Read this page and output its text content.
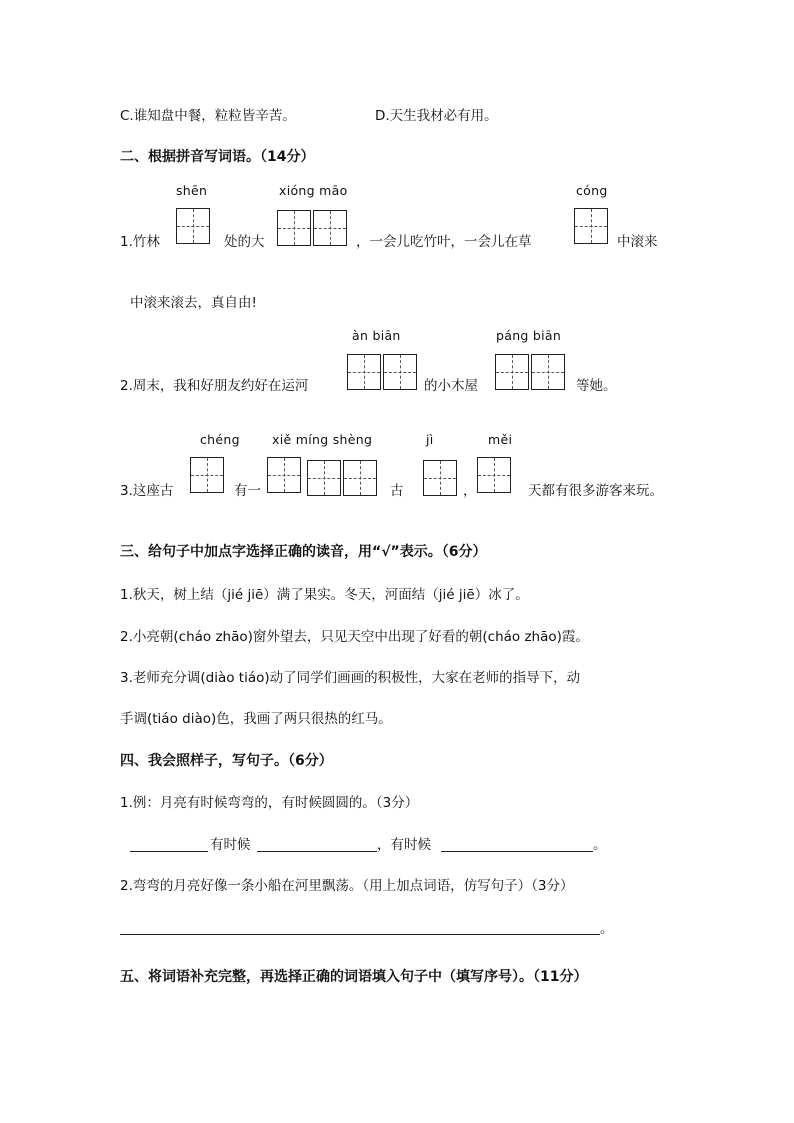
C.谁知盘中餐，粒粒皆辛苦。	D.天生我材必有用。
二、根据拼音写词语。（14分）
shēn	xióng māo	cóng
1.竹林	处的大	，一会儿吃竹叶，一会儿在草	中滚来
中滚来滚去，真自由!
àn biān	páng biān
2.周末，我和好朋友约好在运河	的小木屋	等她。
chéng	xiě míng shèng	jì	měi
3.这座古	有一	古	，	天都有很多游客来玩。
三、给句子中加点字选择正确的读音，用“√”表示。（6分）
1.秋天，树上结（jié jiē）满了果实。冬天，河面结（jié jiē）冰了。
2.小亮朝(cháo zhāo)窗外望去，只见天空中出现了好看的朝(cháo zhāo)霞。
3.老师充分调(diào tiáo)动了同学们画画的积极性，大家在老师的指导下，动
手调(tiáo diào)色，我画了两只很热的红马。
四、我会照样子，写句子。（6分）
1.例：月亮有时候弯弯的，有时候圆圆的。（3分）
有时候	，有时候	。
2.弯弯的月亮好像一条小船在河里飘荡。（用上加点词语，仿写句子）（3分）
。
五、将词语补充完整，再选择正确的词语填入句子中（填写序号）。（11分）
